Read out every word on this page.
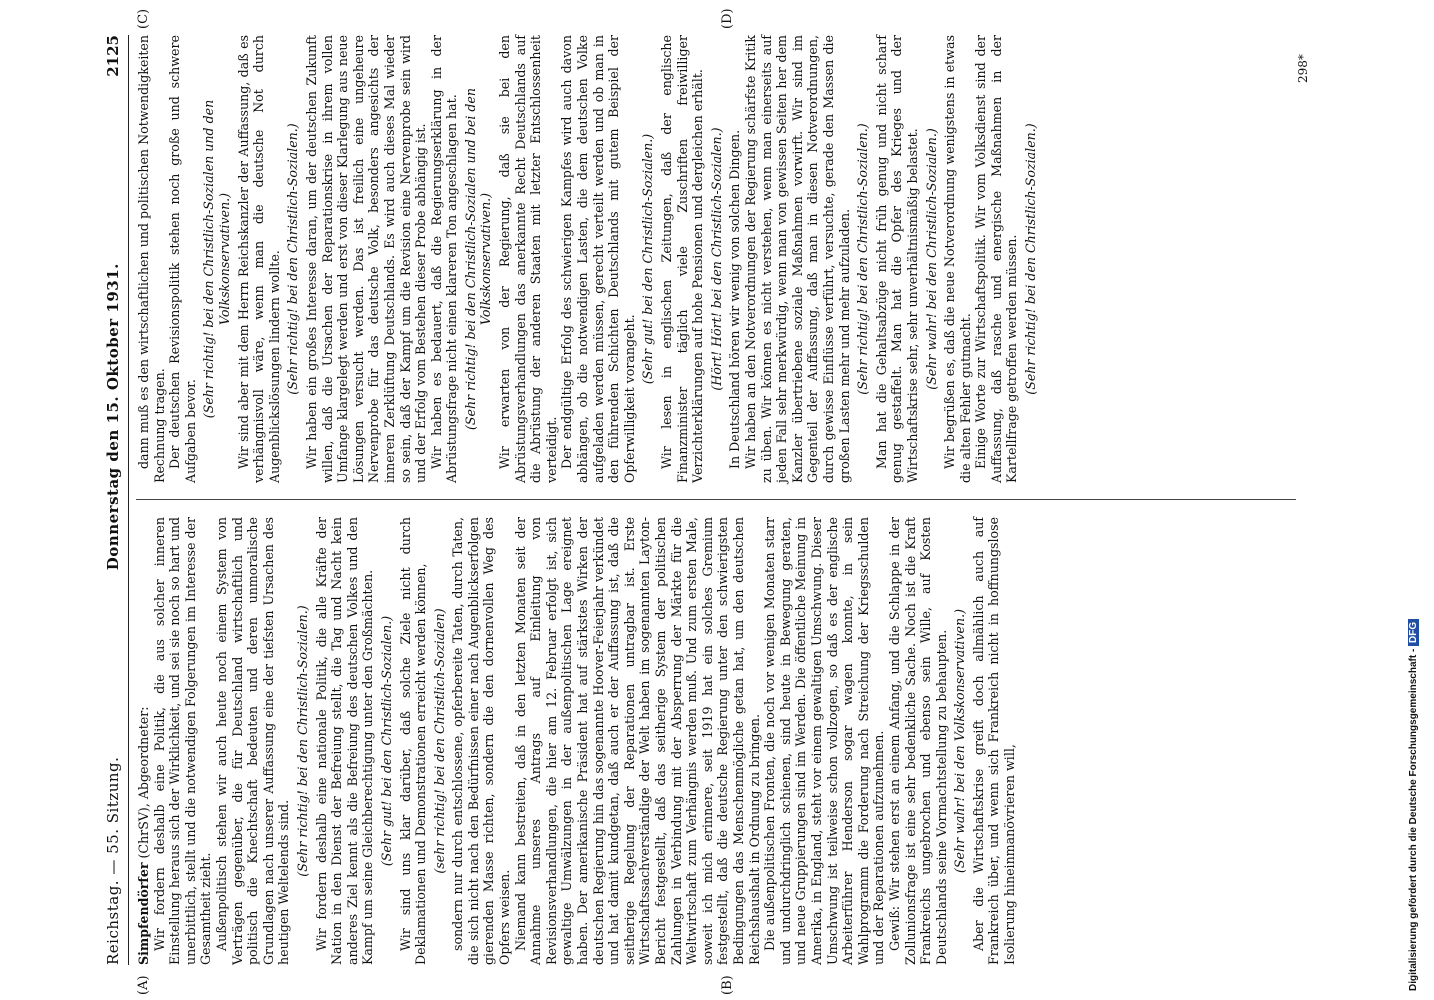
Reichstag. — 55. Sitzung.
Donnerstag den 15. Oktober 1931.
2125

Simpfendörfer (ChrSV), Abgeordneter: Wir fordern deshalb eine Politik, die aus solcher inneren Einstellung heraus sich der Wirklichkeit, und sei sie noch so hart und unerbittlich, stellt und die notwendigen Folgerungen im Interesse der Gesamtheit zieht. Außenpolitisch stehen wir auch heute noch einem System von Verträgen gegenüber, die für Deutschland wirtschaftlich und politisch die Knechtschaft bedeuten und deren unmoralische Grundlagen nach unserer Auffassung eine der tiefsten Ursachen des heutigen Weltelends sind.

(Sehr richtig! bei den Christlich-Sozialen.) Wir fordern deshalb eine nationale Politik, die alle Kräfte der Nation in den Dienst der Befreiung stellt, die Tag und Nacht kein anderes Ziel kennt als die Befreiung des deutschen Volkes und den Kampf um seine Gleichberechtigung unter den Großmächten. (Sehr gut! bei den Christlich-Sozialen.) Wir sind uns klar darüber, daß solche Ziele nicht durch Deklamationen und Demonstrationen erreicht werden können, (sehr richtig! bei den Christlich-Sozialen) sondern nur durch entschlossene, opferbereite Taten, durch Taten, die sich nicht nach den Bedürfnissen einer nach Augenblickserfolgen gierenden Masse richten, sondern die den dornenvollen Weg des Opfers weisen. Niemand kann bestreiten, daß in den letzten Monaten seit der Annahme unseres Antrags auf Einleitung von Revisionsverhandlungen, die hier am 12. Februar erfolgt ist, sich gewaltige Umwälzungen in der außenpolitischen Lage ereignet haben. Der amerikanische Präsident hat auf stärkstes Wirken der deutschen Regierung hin das sogenannte Hoover-Feierjahr verkündet und hat damit kundgetan, daß auch er der Auffassung ist, daß die seitherige Regelung der Reparationen untragbar ist. Erste Wirtschaftssachverständige der Welt haben im sogenannten Layton-Bericht festgestellt, daß das seitherige System der politischen Zahlungen in Verbindung mit der Absperrung der Märkte für die Weltwirtschaft zum Verhängnis werden muß. Und zum ersten Male, soweit ich mich erinnere, seit 1919 hat ein solches Gremium festgestellt, daß die deutsche Regierung unter den schwierigsten Bedingungen das Menschenmögliche getan hat, um den deutschen Reichshaushalt in Ordnung zu bringen. Die außenpolitischen Fronten, die noch vor wenigen Monaten starr und undurchdringlich schienen, sind heute in Bewegung geraten, und neue Gruppierungen sind im Werden. Die öffentliche Meinung in Amerika, in England, steht vor einem gewaltigen Umschwung. Dieser Umschwung ist teilweise schon vollzogen, so daß es der englische Arbeiterführer Henderson sogar wagen konnte, in sein Wahlprogramm die Forderung nach Streichung der Kriegsschulden und der Reparationen aufzunehmen. Gewiß: Wir stehen erst an einem Anfang, und die Schlappe in der Zollunionsfrage ist eine sehr bedenkliche Sache. Noch ist die Kraft Frankreichs ungebrochen und ebenso sein Wille, auf Kosten Deutschlands seine Vormachtstellung zu behaupten. (Sehr wahr! bei den Volkskonservativen.) Aber die Wirtschaftskrise greift doch allmählich auch auf Frankreich über, und wenn sich Frankreich nicht in hoffnungslose Isolierung hineinmanövrieren will,

dann muß es den wirtschaftlichen und politischen Notwendigkeiten Rechnung tragen. Der deutschen Revisionspolitik stehen noch große und schwere Aufgaben bevor.

(Sehr richtig! bei den Christlich-Sozialen und den Volkskonservativen.) Wir sind aber mit dem Herrn Reichskanzler der Auffassung, daß es verhängnisvoll wäre, wenn man die deutsche Not durch Augenblickslösungen lindern wollte. (Sehr richtig! bei den Christlich-Sozialen.) Wir haben ein großes Interesse daran, um der deutschen Zukunft willen, daß die Ursachen der Reparationskrise in ihrem vollen Umfange klargelegt werden und erst von dieser Klarlegung aus neue Lösungen versucht werden. Das ist freilich eine ungeheure Nervenprobe für das deutsche Volk, besonders angesichts der inneren Zerklüftung Deutschlands. Es wird auch dieses Mal wieder so sein, daß der Kampf um die Revision eine Nervenprobe sein wird und der Erfolg vom Bestehen dieser Probe abhängig ist. Wir haben es bedauert, daß die Regierungserklärung in der Abrüstungsfrage nicht einen klareren Ton angeschlagen hat. (Sehr richtig! bei den Christlich-Sozialen und bei den Volkskonservativen.) Wir erwarten von der Regierung, daß sie bei den Abrüstungsverhandlungen das anerkannte Recht Deutschlands auf die Abrüstung der anderen Staaten mit letzter Entschlossenheit verteidigt. Der endgültige Erfolg des schwierigen Kampfes wird auch davon abhängen, ob die notwendigen Lasten, die dem deutschen Volke aufgeladen werden müssen, gerecht verteilt werden und ob man in den führenden Schichten Deutschlands mit gutem Beispiel der Opferwilligkeit vorangeht.

(Sehr gut! bei den Christlich-Sozialen.) Wir lesen in englischen Zeitungen, daß der englische Finanzminister täglich viele Zuschriften freiwilliger Verzichterklärungen auf hohe Pensionen und dergleichen erhält. (Hört! Hört! bei den Christlich-Sozialen.) In Deutschland hören wir wenig von solchen Dingen. Wir haben an den Notverordnungen der Regierung schärfste Kritik zu üben. Wir können es nicht verstehen, wenn man einerseits auf jeden Fall sehr merkwürdig, wenn man von gewissen Seiten her dem Kanzler übertriebene soziale Maßnahmen vorwirft. Wir sind im Gegenteil der Auffassung, daß man in diesen Notverordnungen, durch gewisse Einflüsse verführt, versuchte, gerade den Massen die großen Lasten mehr und mehr aufzuladen. (Sehr richtig! bei den Christlich-Sozialen.) Man hat die Gehaltsabzüge nicht früh genug und nicht scharf genug gestaffelt. Man hat die Opfer des Krieges und der Wirtschaftskrise sehr, sehr unverhältnismäßig belastet. (Sehr wahr! bei den Christlich-Sozialen.) Wir begrüßen es, daß die neue Notverordnung wenigstens in etwas die alten Fehler gutmacht. Einige Worte zur Wirtschaftspolitik. Wir vom Volksdienst sind der Auffassung, daß rasche und energische Maßnahmen in der Kartellfrage getroffen werden müssen. (Sehr richtig! bei den Christlich-Sozialen.)

(A)	(B)
(C)	(D)
298*
Digitalisierung gefördert durch die Deutsche Forschungsgemeinschaft - DFG
